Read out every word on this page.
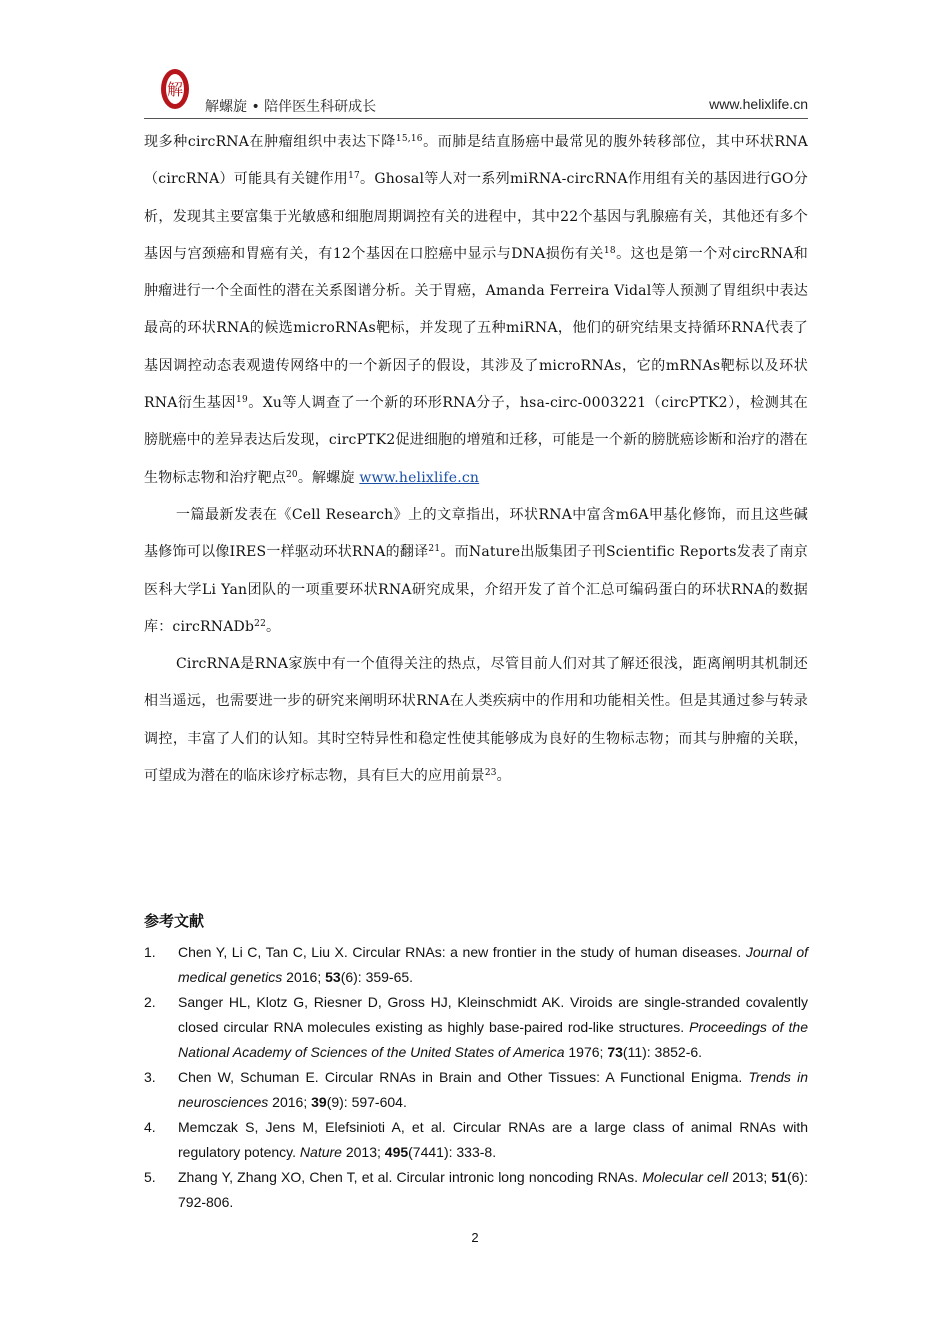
解
解螺旋 • 陪伴医生科研成长	www.helixlife.cn

现多种circRNA在肿瘤组织中表达下降$^{15,16}$。而肺是结直肠癌中最常见的腹外转移部位，其中环状RNA（circRNA）可能具有关键作用$^{17}$。Ghosal等人对一系列miRNA-circRNA作用组有关的基因进行GO分析，发现其主要富集于光敏感和细胞周期调控有关的进程中，其中22个基因与乳腺癌有关，其他还有多个基因与宫颈癌和胃癌有关，有12个基因在口腔癌中显示与DNA损伤有关$^{18}$。这也是第一个对circRNA和肿瘤进行一个全面性的潜在关系图谱分析。关于胃癌，Amanda Ferreira Vidal等人预测了胃组织中表达最高的环状RNA的候选microRNAs靶标，并发现了五种miRNA，他们的研究结果支持循环RNA代表了基因调控动态表观遗传网络中的一个新因子的假设，其涉及了microRNAs，它的mRNAs靶标以及环状RNA衍生基因$^{19}$。Xu等人调查了一个新的环形RNA分子，hsa-circ-0003221（circPTK2），检测其在膀胱癌中的差异表达后发现，circPTK2促进细胞的增殖和迁移，可能是一个新的膀胱癌诊断和治疗的潜在生物标志物和治疗靶点$^{20}$。解螺旋 www.helixlife.cn

一篇最新发表在《Cell Research》上的文章指出，环状RNA中富含m6A甲基化修饰，而且这些碱基修饰可以像IRES一样驱动环状RNA的翻译$^{21}$。而Nature出版集团子刊Scientific Reports发表了南京医科大学Li Yan团队的一项重要环状RNA研究成果，介绍开发了首个汇总可编码蛋白的环状RNA的数据库：circRNADb$^{22}$。

CircRNA是RNA家族中有一个值得关注的热点，尽管目前人们对其了解还很浅，距离阐明其机制还相当遥远，也需要进一步的研究来阐明环状RNA在人类疾病中的作用和功能相关性。但是其通过参与转录调控，丰富了人们的认知。其时空特异性和稳定性使其能够成为良好的生物标志物；而其与肿瘤的关联，可望成为潜在的临床诊疗标志物，具有巨大的应用前景$^{23}$。

参考文献
1.	Chen Y, Li C, Tan C, Liu X. Circular RNAs: a new frontier in the study of human diseases. Journal of medical genetics 2016; 53(6): 359-65.
2.	Sanger HL, Klotz G, Riesner D, Gross HJ, Kleinschmidt AK. Viroids are single-stranded covalently closed circular RNA molecules existing as highly base-paired rod-like structures. Proceedings of the National Academy of Sciences of the United States of America 1976; 73(11): 3852-6.
3.	Chen W, Schuman E. Circular RNAs in Brain and Other Tissues: A Functional Enigma. Trends in neurosciences 2016; 39(9): 597-604.
4.	Memczak S, Jens M, Elefsinioti A, et al. Circular RNAs are a large class of animal RNAs with regulatory potency. Nature 2013; 495(7441): 333-8.
5.	Zhang Y, Zhang XO, Chen T, et al. Circular intronic long noncoding RNAs. Molecular cell 2013; 51(6): 792-806.
2
